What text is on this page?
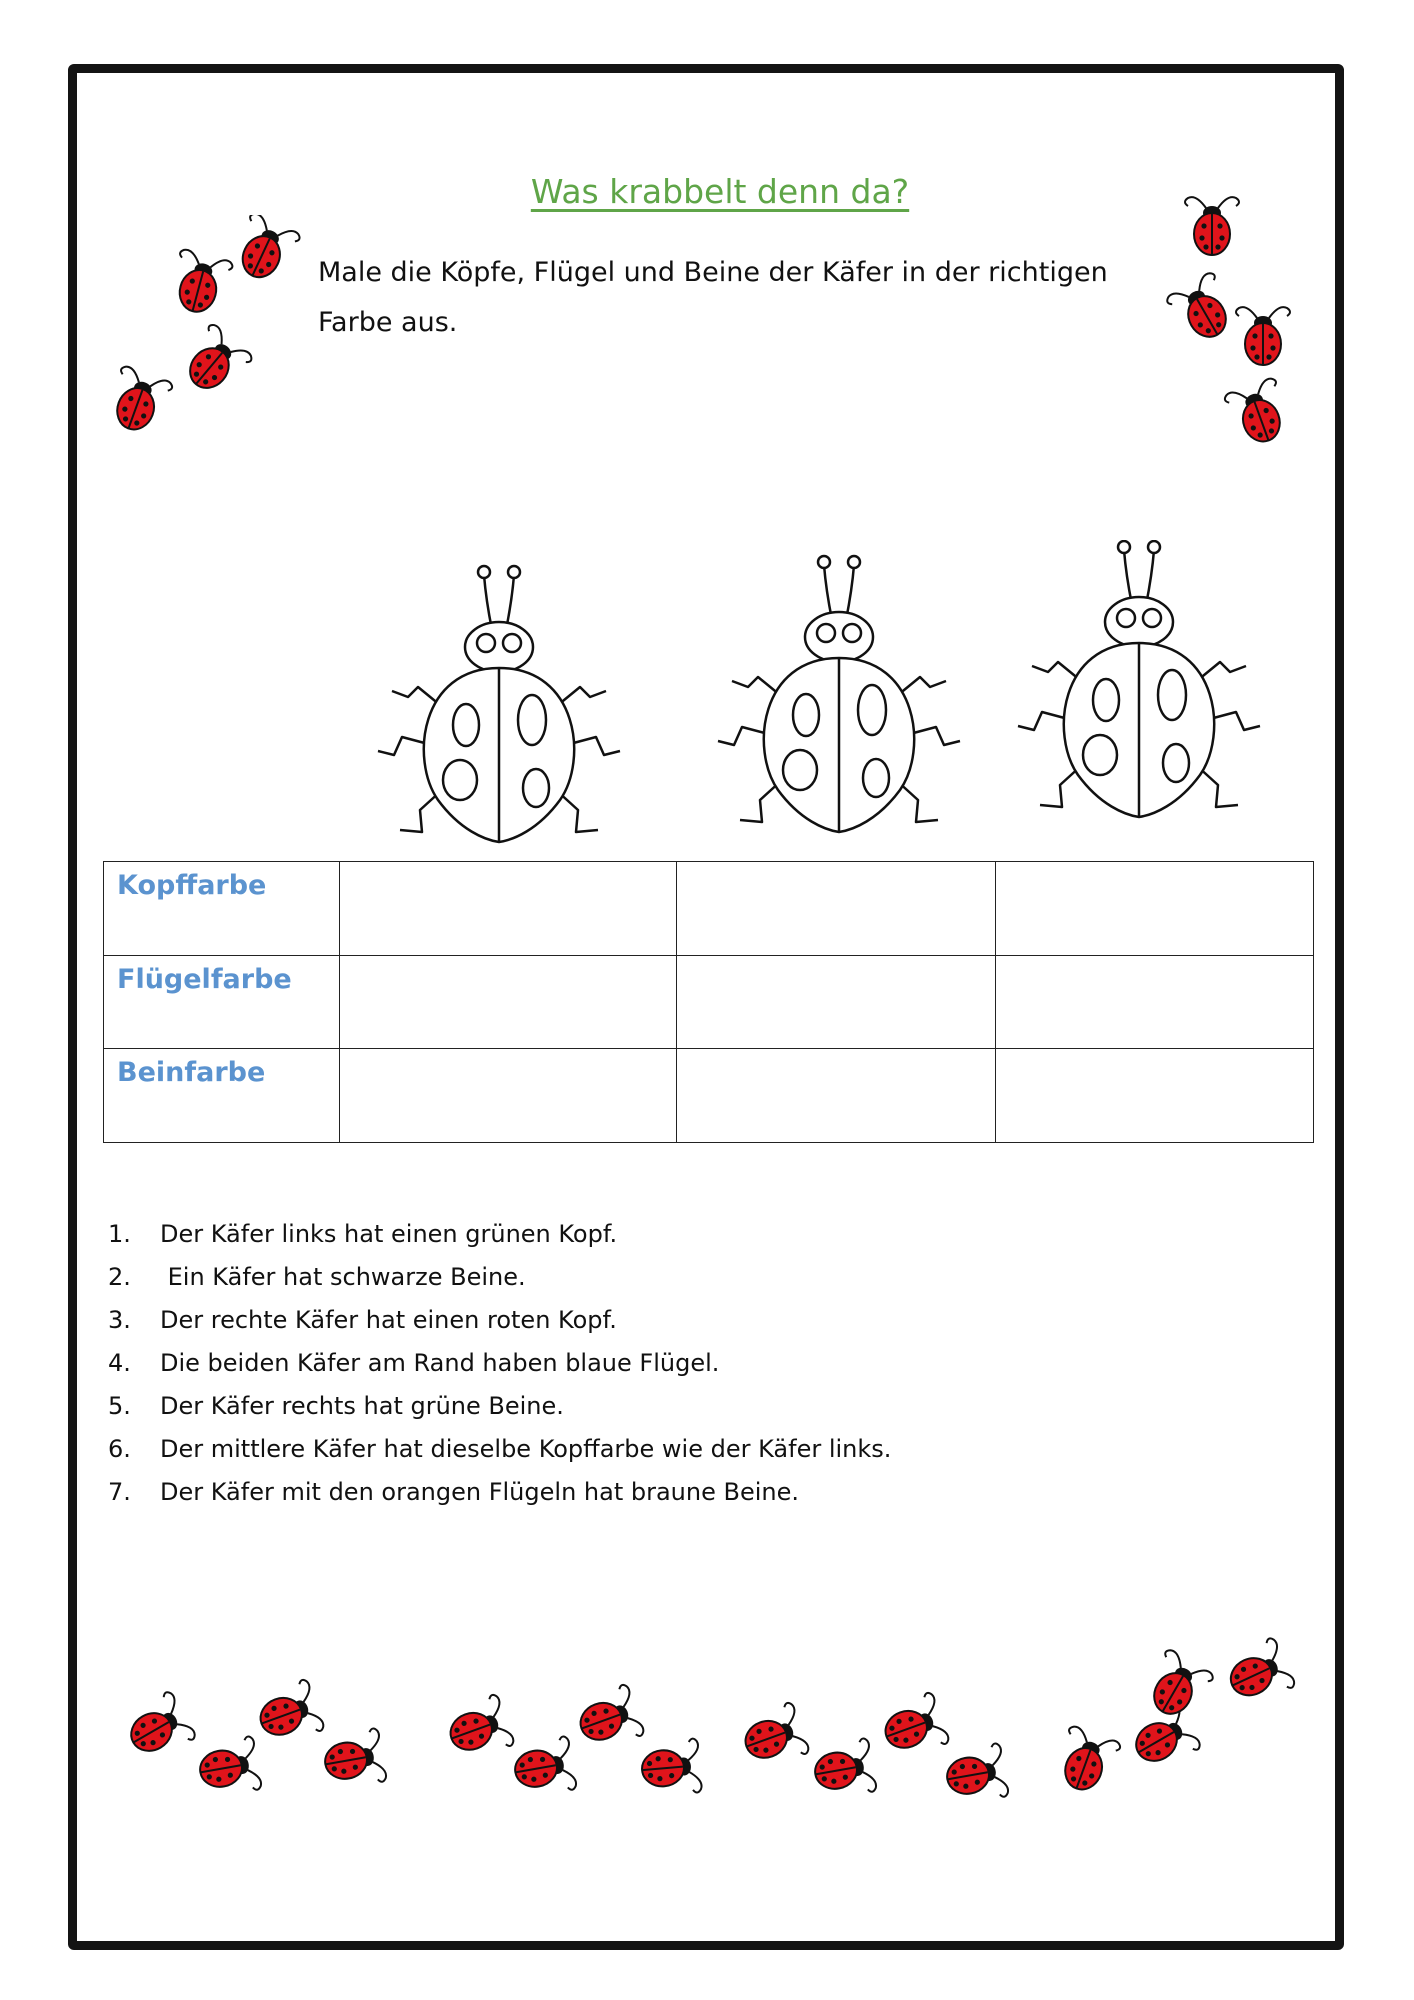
Was krabbelt denn da?
Male die Köpfe, Flügel und Beine der Käfer in der richtigen Farbe aus.
Kopffarbe			
Flügelfarbe			
Beinfarbe			
1. Der Käfer links hat einen grünen Kopf.
2. Ein Käfer hat schwarze Beine.
3. Der rechte Käfer hat einen roten Kopf.
4. Die beiden Käfer am Rand haben blaue Flügel.
5. Der Käfer rechts hat grüne Beine.
6. Der mittlere Käfer hat dieselbe Kopffarbe wie der Käfer links.
7. Der Käfer mit den orangen Flügeln hat braune Beine.
